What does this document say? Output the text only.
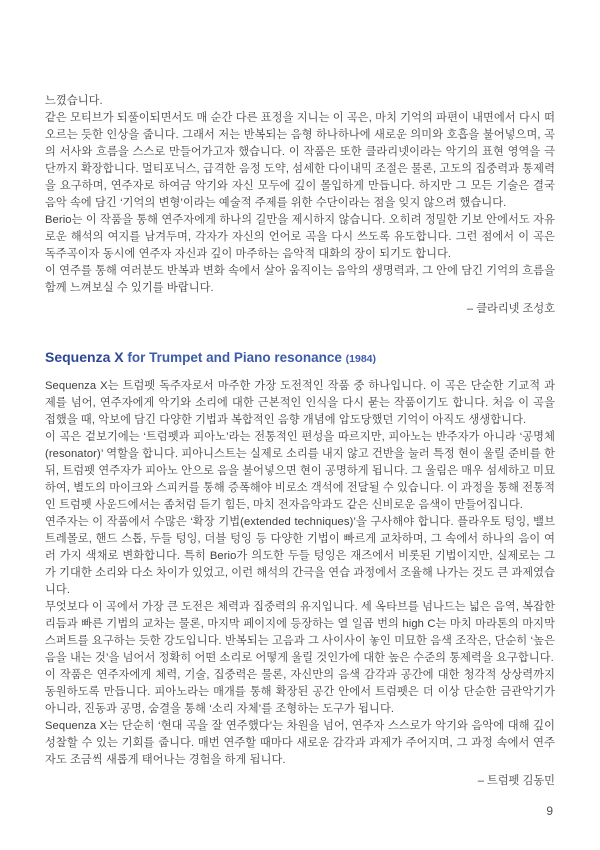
느꼈습니다.

같은 모티브가 되풀이되면서도 매 순간 다른 표정을 지니는 이 곡은, 마치 기억의 파편이 내면에서 다시 떠오르는 듯한 인상을 줍니다. 그래서 저는 반복되는 음형 하나하나에 새로운 의미와 호흡을 불어넣으며, 곡의 서사와 흐름을 스스로 만들어가고자 했습니다. 이 작품은 또한 클라리넷이라는 악기의 표현 영역을 극단까지 확장합니다. 멀티포닉스, 급격한 음정 도약, 섬세한 다이내믹 조절은 물론, 고도의 집중력과 통제력을 요구하며, 연주자로 하여금 악기와 자신 모두에 깊이 몰입하게 만듭니다. 하지만 그 모든 기술은 결국 음악 속에 담긴 ‘기억의 변형’이라는 예술적 주제를 위한 수단이라는 점을 잊지 않으려 했습니다.

Berio는 이 작품을 통해 연주자에게 하나의 길만을 제시하지 않습니다. 오히려 정밀한 기보 안에서도 자유로운 해석의 여지를 남겨두며, 각자가 자신의 언어로 곡을 다시 쓰도록 유도합니다. 그런 점에서 이 곡은 독주곡이자 동시에 연주자 자신과 깊이 마주하는 음악적 대화의 장이 되기도 합니다.

이 연주를 통해 여러분도 반복과 변화 속에서 살아 움직이는 음악의 생명력과, 그 안에 담긴 기억의 흐름을 함께 느껴보실 수 있기를 바랍니다.

– 클라리넷 조성호
Sequenza X for Trumpet and Piano resonance (1984)

Sequenza X는 트럼펫 독주자로서 마주한 가장 도전적인 작품 중 하나입니다. 이 곡은 단순한 기교적 과제를 넘어, 연주자에게 악기와 소리에 대한 근본적인 인식을 다시 묻는 작품이기도 합니다. 처음 이 곡을 접했을 때, 악보에 담긴 다양한 기법과 복합적인 음향 개념에 압도당했던 기억이 아직도 생생합니다.

이 곡은 겉보기에는 ‘트럼펫과 피아노’라는 전통적인 편성을 따르지만, 피아노는 반주자가 아니라 ‘공명체(resonator)’ 역할을 합니다. 피아니스트는 실제로 소리를 내지 않고 건반을 눌러 특정 현이 울릴 준비를 한 뒤, 트럼펫 연주자가 피아노 안으로 음을 불어넣으면 현이 공명하게 됩니다. 그 울림은 매우 섬세하고 미묘하여, 별도의 마이크와 스피커를 통해 증폭해야 비로소 객석에 전달될 수 있습니다. 이 과정을 통해 전통적인 트럼펫 사운드에서는 좀처럼 듣기 힘든, 마치 전자음악과도 같은 신비로운 음색이 만들어집니다.

연주자는 이 작품에서 수많은 ‘확장 기법(extended techniques)’을 구사해야 합니다. 플라우토 텅잉, 밸브 트레몰로, 핸드 스톱, 두들 텅잉, 더블 텅잉 등 다양한 기법이 빠르게 교차하며, 그 속에서 하나의 음이 여러 가지 색채로 변화합니다. 특히 Berio가 의도한 두들 텅잉은 재즈에서 비롯된 기법이지만, 실제로는 그가 기대한 소리와 다소 차이가 있었고, 이런 해석의 간극을 연습 과정에서 조율해 나가는 것도 큰 과제였습니다.

무엇보다 이 곡에서 가장 큰 도전은 체력과 집중력의 유지입니다. 세 옥타브를 넘나드는 넓은 음역, 복잡한 리듬과 빠른 기법의 교차는 물론, 마지막 페이지에 등장하는 열 일곱 번의 high C는 마치 마라톤의 마지막 스퍼트를 요구하는 듯한 강도입니다. 반복되는 고음과 그 사이사이 놓인 미묘한 음색 조작은, 단순히 ‘높은 음을 내는 것’을 넘어서 정확히 어떤 소리로 어떻게 울릴 것인가에 대한 높은 수준의 통제력을 요구합니다.

이 작품은 연주자에게 체력, 기술, 집중력은 물론, 자신만의 음색 감각과 공간에 대한 청각적 상상력까지 동원하도록 만듭니다. 피아노라는 매개를 통해 확장된 공간 안에서 트럼펫은 더 이상 단순한 금관악기가 아니라, 진동과 공명, 숨결을 통해 ‘소리 자체’를 조형하는 도구가 됩니다.

Sequenza X는 단순히 ‘현대 곡을 잘 연주했다’는 차원을 넘어, 연주자 스스로가 악기와 음악에 대해 깊이 성찰할 수 있는 기회를 줍니다. 매번 연주할 때마다 새로운 감각과 과제가 주어지며, 그 과정 속에서 연주자도 조금씩 새롭게 태어나는 경험을 하게 됩니다.

– 트럼펫 김동민
9
